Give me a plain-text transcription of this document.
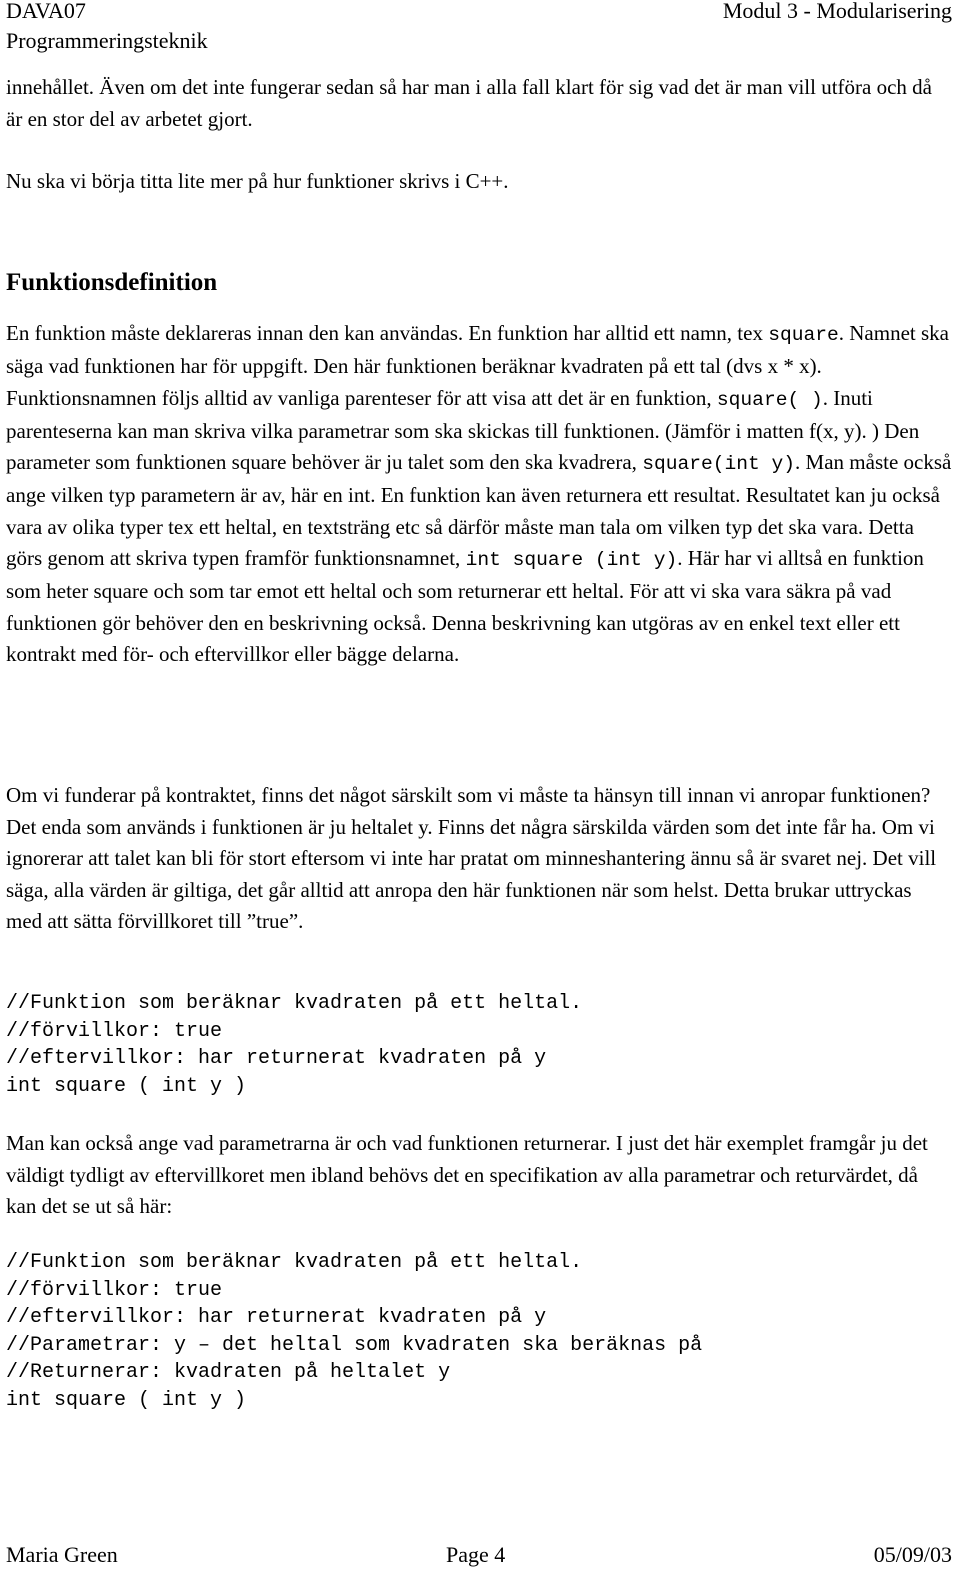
DAVA07
Programmeringsteknik
Modul 3 - Modularisering

innehållet. Även om det inte fungerar sedan så har man i alla fall klart för sig vad det är man vill utföra och då är en stor del av arbetet gjort.

Nu ska vi börja titta lite mer på hur funktioner skrivs i C++.

Funktionsdefinition

En funktion måste deklareras innan den kan användas. En funktion har alltid ett namn, tex square. Namnet ska säga vad funktionen har för uppgift. Den här funktionen beräknar kvadraten på ett tal (dvs x * x). Funktionsnamnen följs alltid av vanliga parenteser för att visa att det är en funktion, square( ). Inuti parenteserna kan man skriva vilka parametrar som ska skickas till funktionen. (Jämför i matten f(x, y). ) Den parameter som funktionen square behöver är ju talet som den ska kvadrera, square(int y). Man måste också ange vilken typ parametern är av, här en int. En funktion kan även returnera ett resultat. Resultatet kan ju också vara av olika typer tex ett heltal, en textsträng etc så därför måste man tala om vilken typ det ska vara. Detta görs genom att skriva typen framför funktionsnamnet, int square (int y). Här har vi alltså en funktion som heter square och som tar emot ett heltal och som returnerar ett heltal. För att vi ska vara säkra på vad funktionen gör behöver den en beskrivning också. Denna beskrivning kan utgöras av en enkel text eller ett kontrakt med för- och eftervillkor eller bägge delarna.

Om vi funderar på kontraktet, finns det något särskilt som vi måste ta hänsyn till innan vi anropar funktionen? Det enda som används i funktionen är ju heltalet y. Finns det några särskilda värden som det inte får ha. Om vi ignorerar att talet kan bli för stort eftersom vi inte har pratat om minneshantering ännu så är svaret nej. Det vill säga, alla värden är giltiga, det går alltid att anropa den här funktionen när som helst. Detta brukar uttryckas med att sätta förvillkoret till ”true”.

//Funktion som beräknar kvadraten på ett heltal.
//förvillkor: true
//eftervillkor: har returnerat kvadraten på y
int square ( int y )

Man kan också ange vad parametrarna är och vad funktionen returnerar. I just det här exemplet framgår ju det väldigt tydligt av eftervillkoret men ibland behövs det en specifikation av alla parametrar och returvärdet, då kan det se ut så här:

//Funktion som beräknar kvadraten på ett heltal.
//förvillkor: true
//eftervillkor: har returnerat kvadraten på y
//Parametrar: y – det heltal som kvadraten ska beräknas på
//Returnerar: kvadraten på heltalet y
int square ( int y )
Maria Green	Page 4	05/09/03
